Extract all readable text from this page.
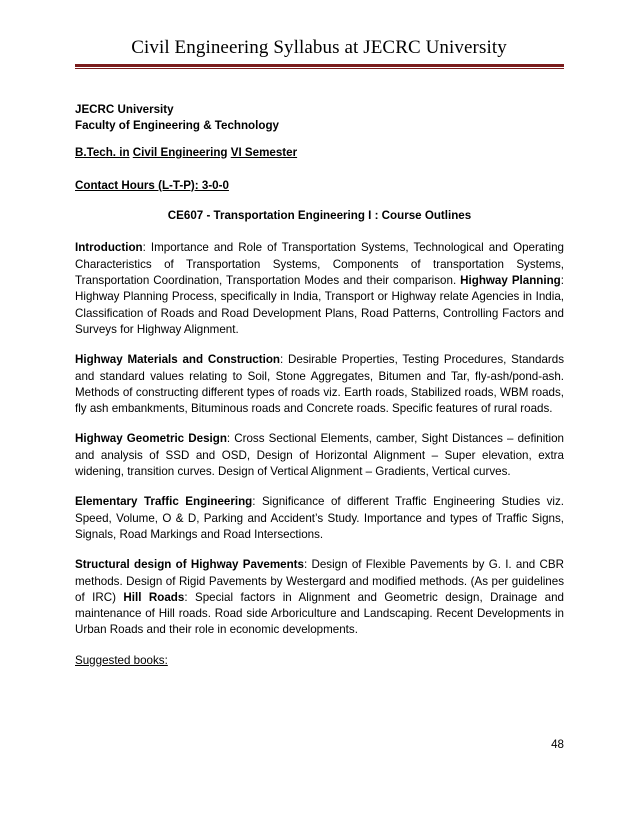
Civil Engineering Syllabus at JECRC University

JECRC University

Faculty of Engineering & Technology

B.Tech. in Civil Engineering VI Semester

Contact Hours (L-T-P): 3-0-0

CE607 - Transportation Engineering I : Course Outlines

Introduction: Importance and Role of Transportation Systems, Technological and Operating Characteristics of Transportation Systems, Components of transportation Systems, Transportation Coordination, Transportation Modes and their comparison. Highway Planning: Highway Planning Process, specifically in India, Transport or Highway relate Agencies in India, Classification of Roads and Road Development Plans, Road Patterns, Controlling Factors and Surveys for Highway Alignment.

Highway Materials and Construction: Desirable Properties, Testing Procedures, Standards and standard values relating to Soil, Stone Aggregates, Bitumen and Tar, fly-ash/pond-ash. Methods of constructing different types of roads viz. Earth roads, Stabilized roads, WBM roads, fly ash embankments, Bituminous roads and Concrete roads. Specific features of rural roads.

Highway Geometric Design: Cross Sectional Elements, camber, Sight Distances – definition and analysis of SSD and OSD, Design of Horizontal Alignment – Super elevation, extra widening, transition curves. Design of Vertical Alignment – Gradients, Vertical curves.

Elementary Traffic Engineering: Significance of different Traffic Engineering Studies viz. Speed, Volume, O & D, Parking and Accident’s Study. Importance and types of Traffic Signs, Signals, Road Markings and Road Intersections.

Structural design of Highway Pavements: Design of Flexible Pavements by G. I. and CBR methods. Design of Rigid Pavements by Westergard and modified methods. (As per guidelines of IRC) Hill Roads: Special factors in Alignment and Geometric design, Drainage and maintenance of Hill roads. Road side Arboriculture and Landscaping. Recent Developments in Urban Roads and their role in economic developments.

Suggested books:

48
